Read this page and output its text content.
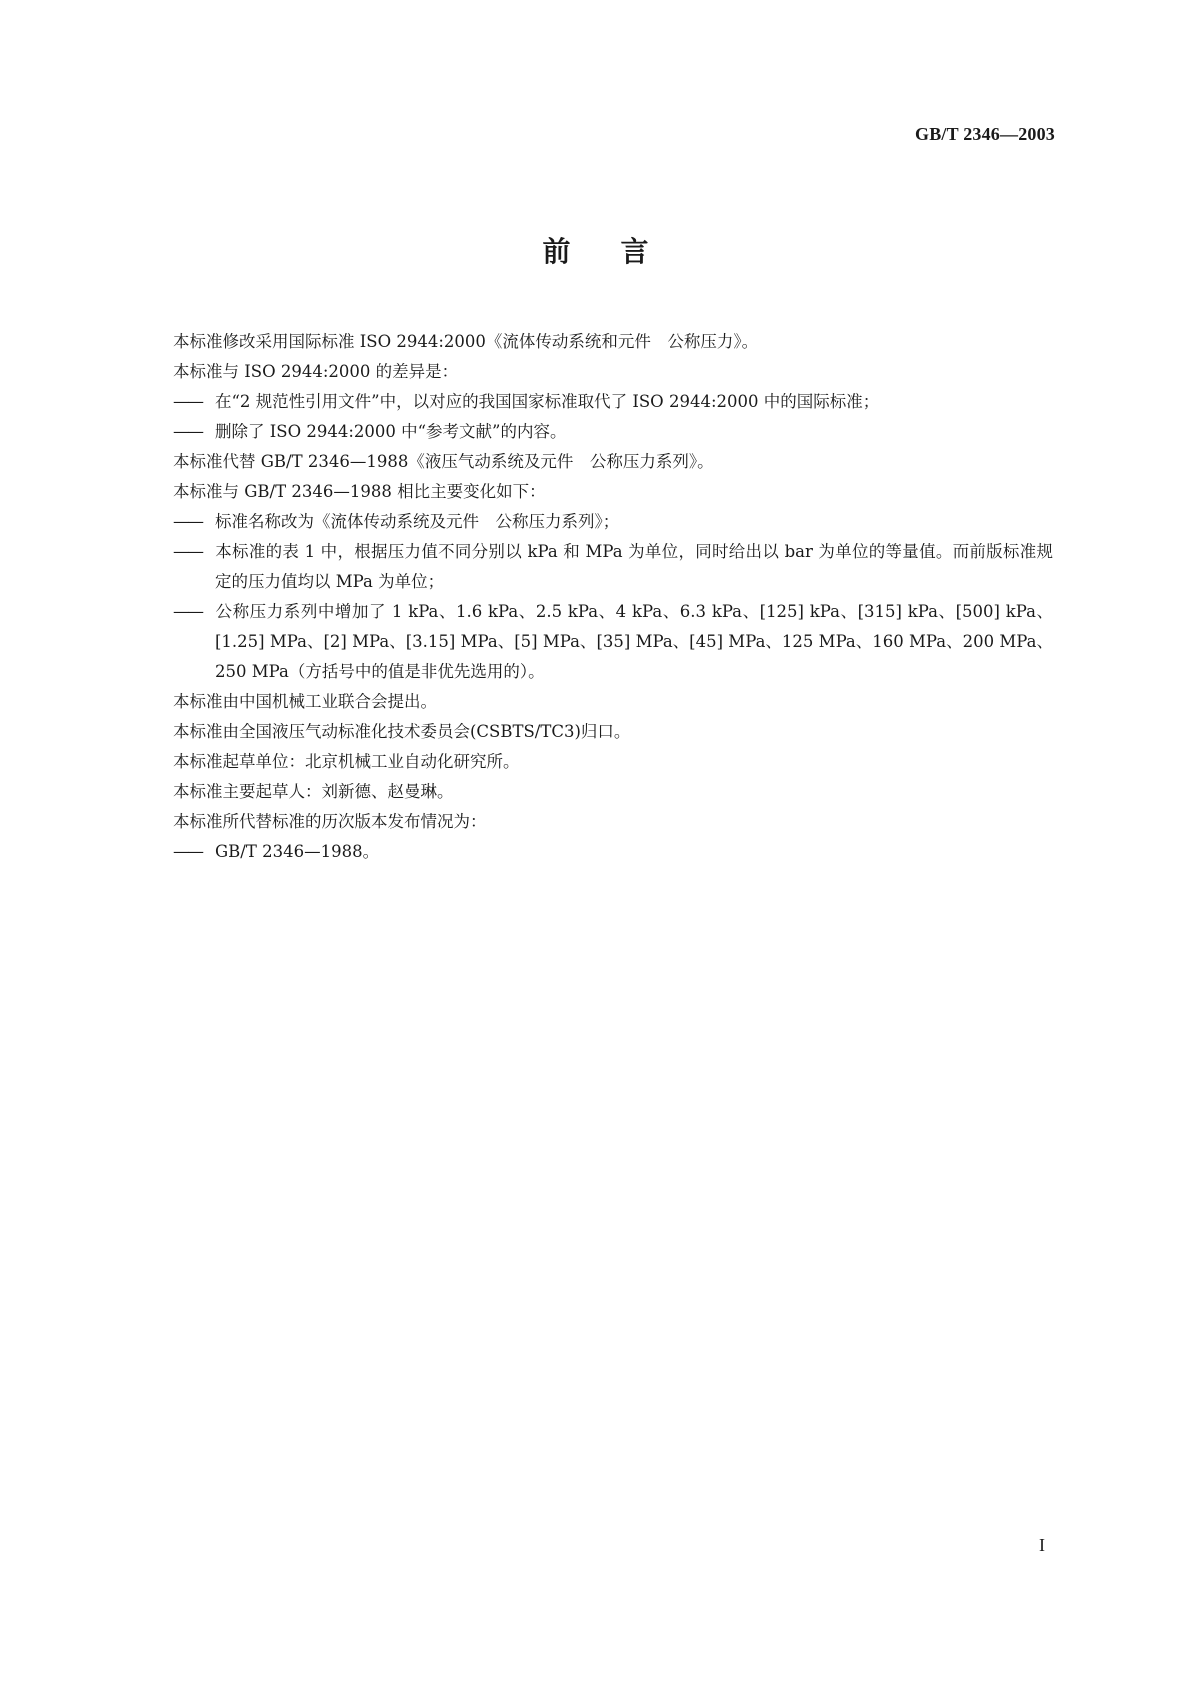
GB/T 2346—2003
前言

本标准修改采用国际标准 ISO 2944:2000《流体传动系统和元件　公称压力》。

本标准与 ISO 2944:2000 的差异是：

—— 在“2 规范性引用文件”中，以对应的我国国家标准取代了 ISO 2944:2000 中的国际标准；

—— 删除了 ISO 2944:2000 中“参考文献”的内容。

本标准代替 GB/T 2346—1988《液压气动系统及元件　公称压力系列》。

本标准与 GB/T 2346—1988 相比主要变化如下：

—— 标准名称改为《流体传动系统及元件　公称压力系列》；

—— 本标准的表 1 中，根据压力值不同分别以 kPa 和 MPa 为单位，同时给出以 bar 为单位的等量值。而前版标准规定的压力值均以 MPa 为单位；

—— 公称压力系列中增加了 1 kPa、1.6 kPa、2.5 kPa、4 kPa、6.3 kPa、[125] kPa、[315] kPa、[500] kPa、[1.25] MPa、[2] MPa、[3.15] MPa、[5] MPa、[35] MPa、[45] MPa、125 MPa、160 MPa、200 MPa、250 MPa（方括号中的值是非优先选用的）。

本标准由中国机械工业联合会提出。

本标准由全国液压气动标准化技术委员会(CSBTS/TC3)归口。

本标准起草单位：北京机械工业自动化研究所。

本标准主要起草人：刘新德、赵曼琳。

本标准所代替标准的历次版本发布情况为：

—— GB/T 2346—1988。

I
